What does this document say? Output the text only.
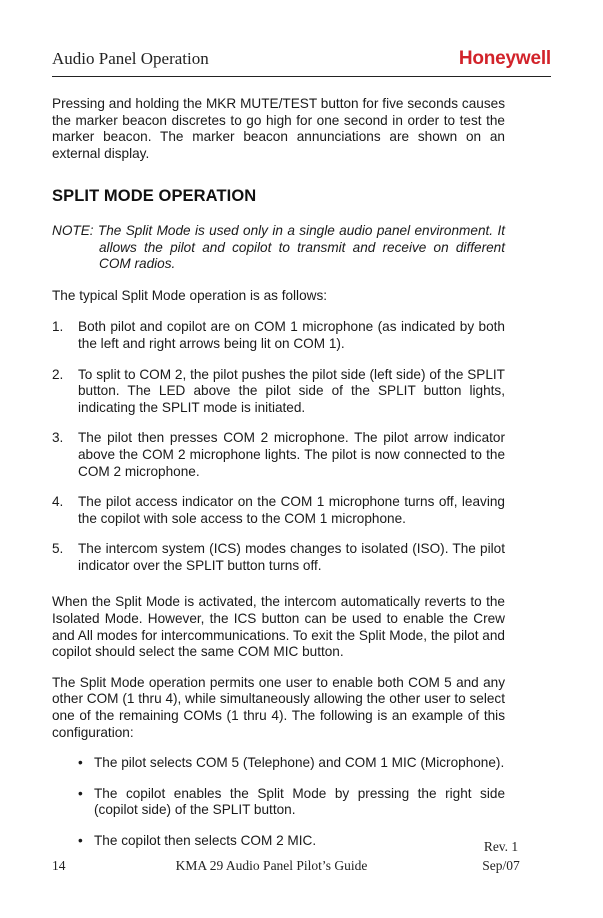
Audio Panel Operation	Honeywell

Pressing and holding the MKR MUTE/TEST button for five seconds causes the marker beacon discretes to go high for one second in order to test the marker beacon. The marker beacon annunciations are shown on an external display.

SPLIT MODE OPERATION

NOTE: The Split Mode is used only in a single audio panel environment. It allows the pilot and copilot to transmit and receive on different COM radios.

The typical Split Mode operation is as follows:

1. Both pilot and copilot are on COM 1 microphone (as indicated by both the left and right arrows being lit on COM 1).
2. To split to COM 2, the pilot pushes the pilot side (left side) of the SPLIT button. The LED above the pilot side of the SPLIT button lights, indicating the SPLIT mode is initiated.
3. The pilot then presses COM 2 microphone. The pilot arrow indicator above the COM 2 microphone lights. The pilot is now connected to the COM 2 microphone.
4. The pilot access indicator on the COM 1 microphone turns off, leaving the copilot with sole access to the COM 1 microphone.
5. The intercom system (ICS) modes changes to isolated (ISO). The pilot indicator over the SPLIT button turns off.

When the Split Mode is activated, the intercom automatically reverts to the Isolated Mode. However, the ICS button can be used to enable the Crew and All modes for intercommunications. To exit the Split Mode, the pilot and copilot should select the same COM MIC button.

The Split Mode operation permits one user to enable both COM 5 and any other COM (1 thru 4), while simultaneously allowing the other user to select one of the remaining COMs (1 thru 4). The following is an example of this configuration:

• The pilot selects COM 5 (Telephone) and COM 1 MIC (Microphone).
• The copilot enables the Split Mode by pressing the right side (copilot side) of the SPLIT button.
• The copilot then selects COM 2 MIC.
14	KMA 29 Audio Panel Pilot’s Guide
Rev. 1
Sep/07
